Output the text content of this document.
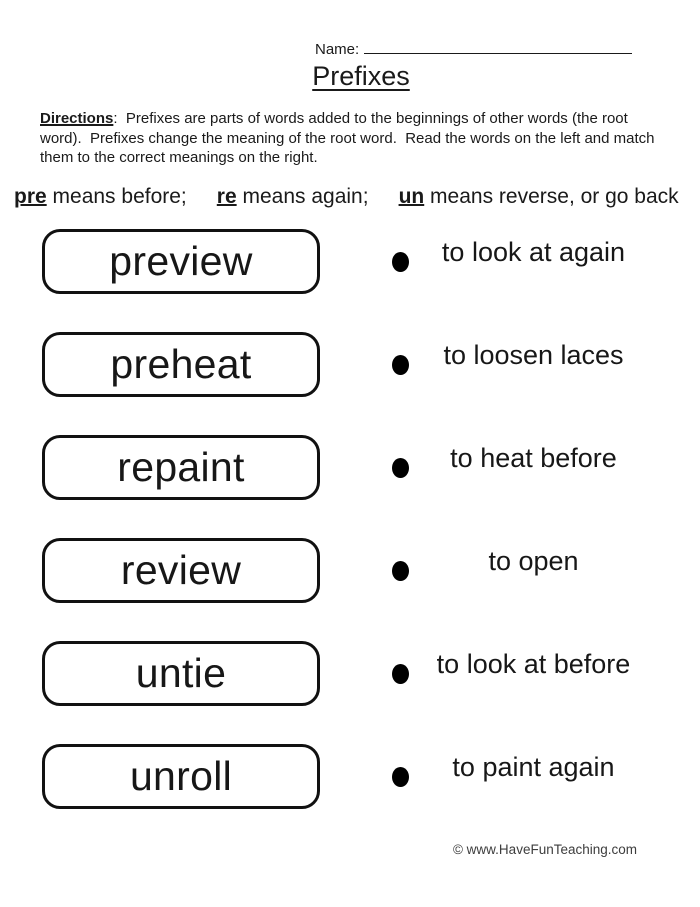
Name:
Prefixes

Directions:  Prefixes are parts of words added to the beginnings of other words (the root word).  Prefixes change the meaning of the root word.  Read the words on the left and match them to the correct meanings on the right.

pre means before; re means again; un means reverse, or go back

preview	to look at again
preheat	to loosen laces
repaint	to heat before
review	to open
untie	to look at before
unroll	to paint again
© www.HaveFunTeaching.com
